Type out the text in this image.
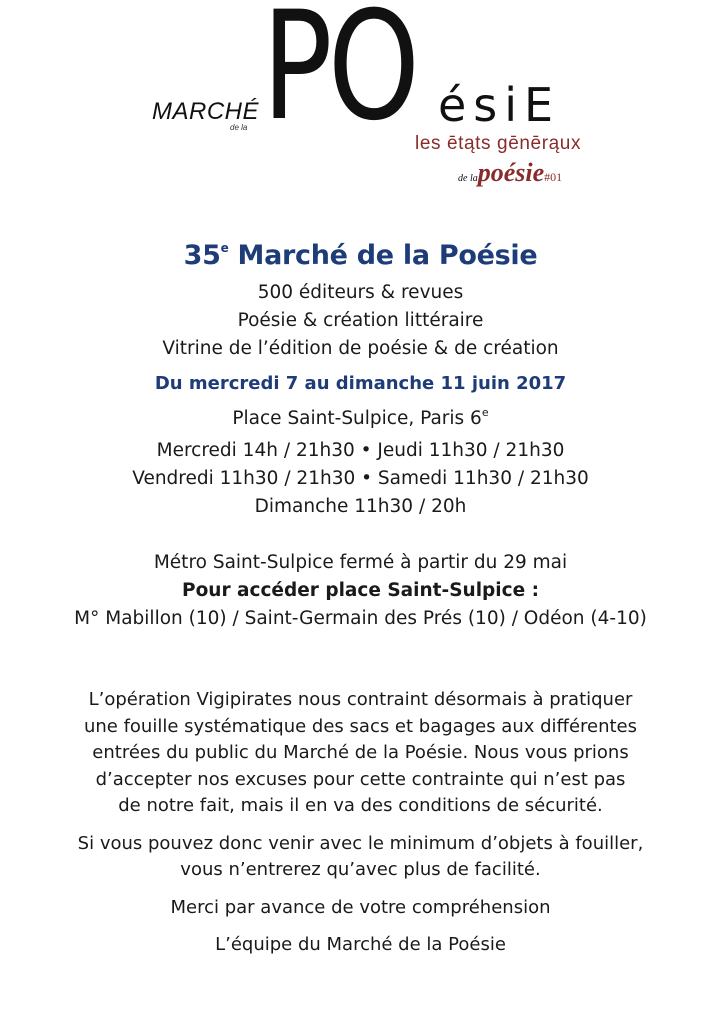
MARCHÉ
de la PO ésiE
les ētąts gēnērąux
de lapoésie#01
35e Marché de la Poésie

500 éditeurs & revues

Poésie & création littéraire

Vitrine de l’édition de poésie & de création

Du mercredi 7 au dimanche 11 juin 2017

Place Saint-Sulpice, Paris 6e

Mercredi 14h / 21h30 • Jeudi 11h30 / 21h30

Vendredi 11h30 / 21h30 • Samedi 11h30 / 21h30

Dimanche 11h30 / 20h

Métro Saint-Sulpice fermé à partir du 29 mai

Pour accéder place Saint-Sulpice :

M° Mabillon (10) / Saint-Germain des Prés (10) / Odéon (4-10)

L’opération Vigipirates nous contraint désormais à pratiquer

une fouille systématique des sacs et bagages aux différentes

entrées du public du Marché de la Poésie. Nous vous prions

d’accepter nos excuses pour cette contrainte qui n’est pas

de notre fait, mais il en va des conditions de sécurité.

Si vous pouvez donc venir avec le minimum d’objets à fouiller,

vous n’entrerez qu’avec plus de facilité.

Merci par avance de votre compréhension

L’équipe du Marché de la Poésie
